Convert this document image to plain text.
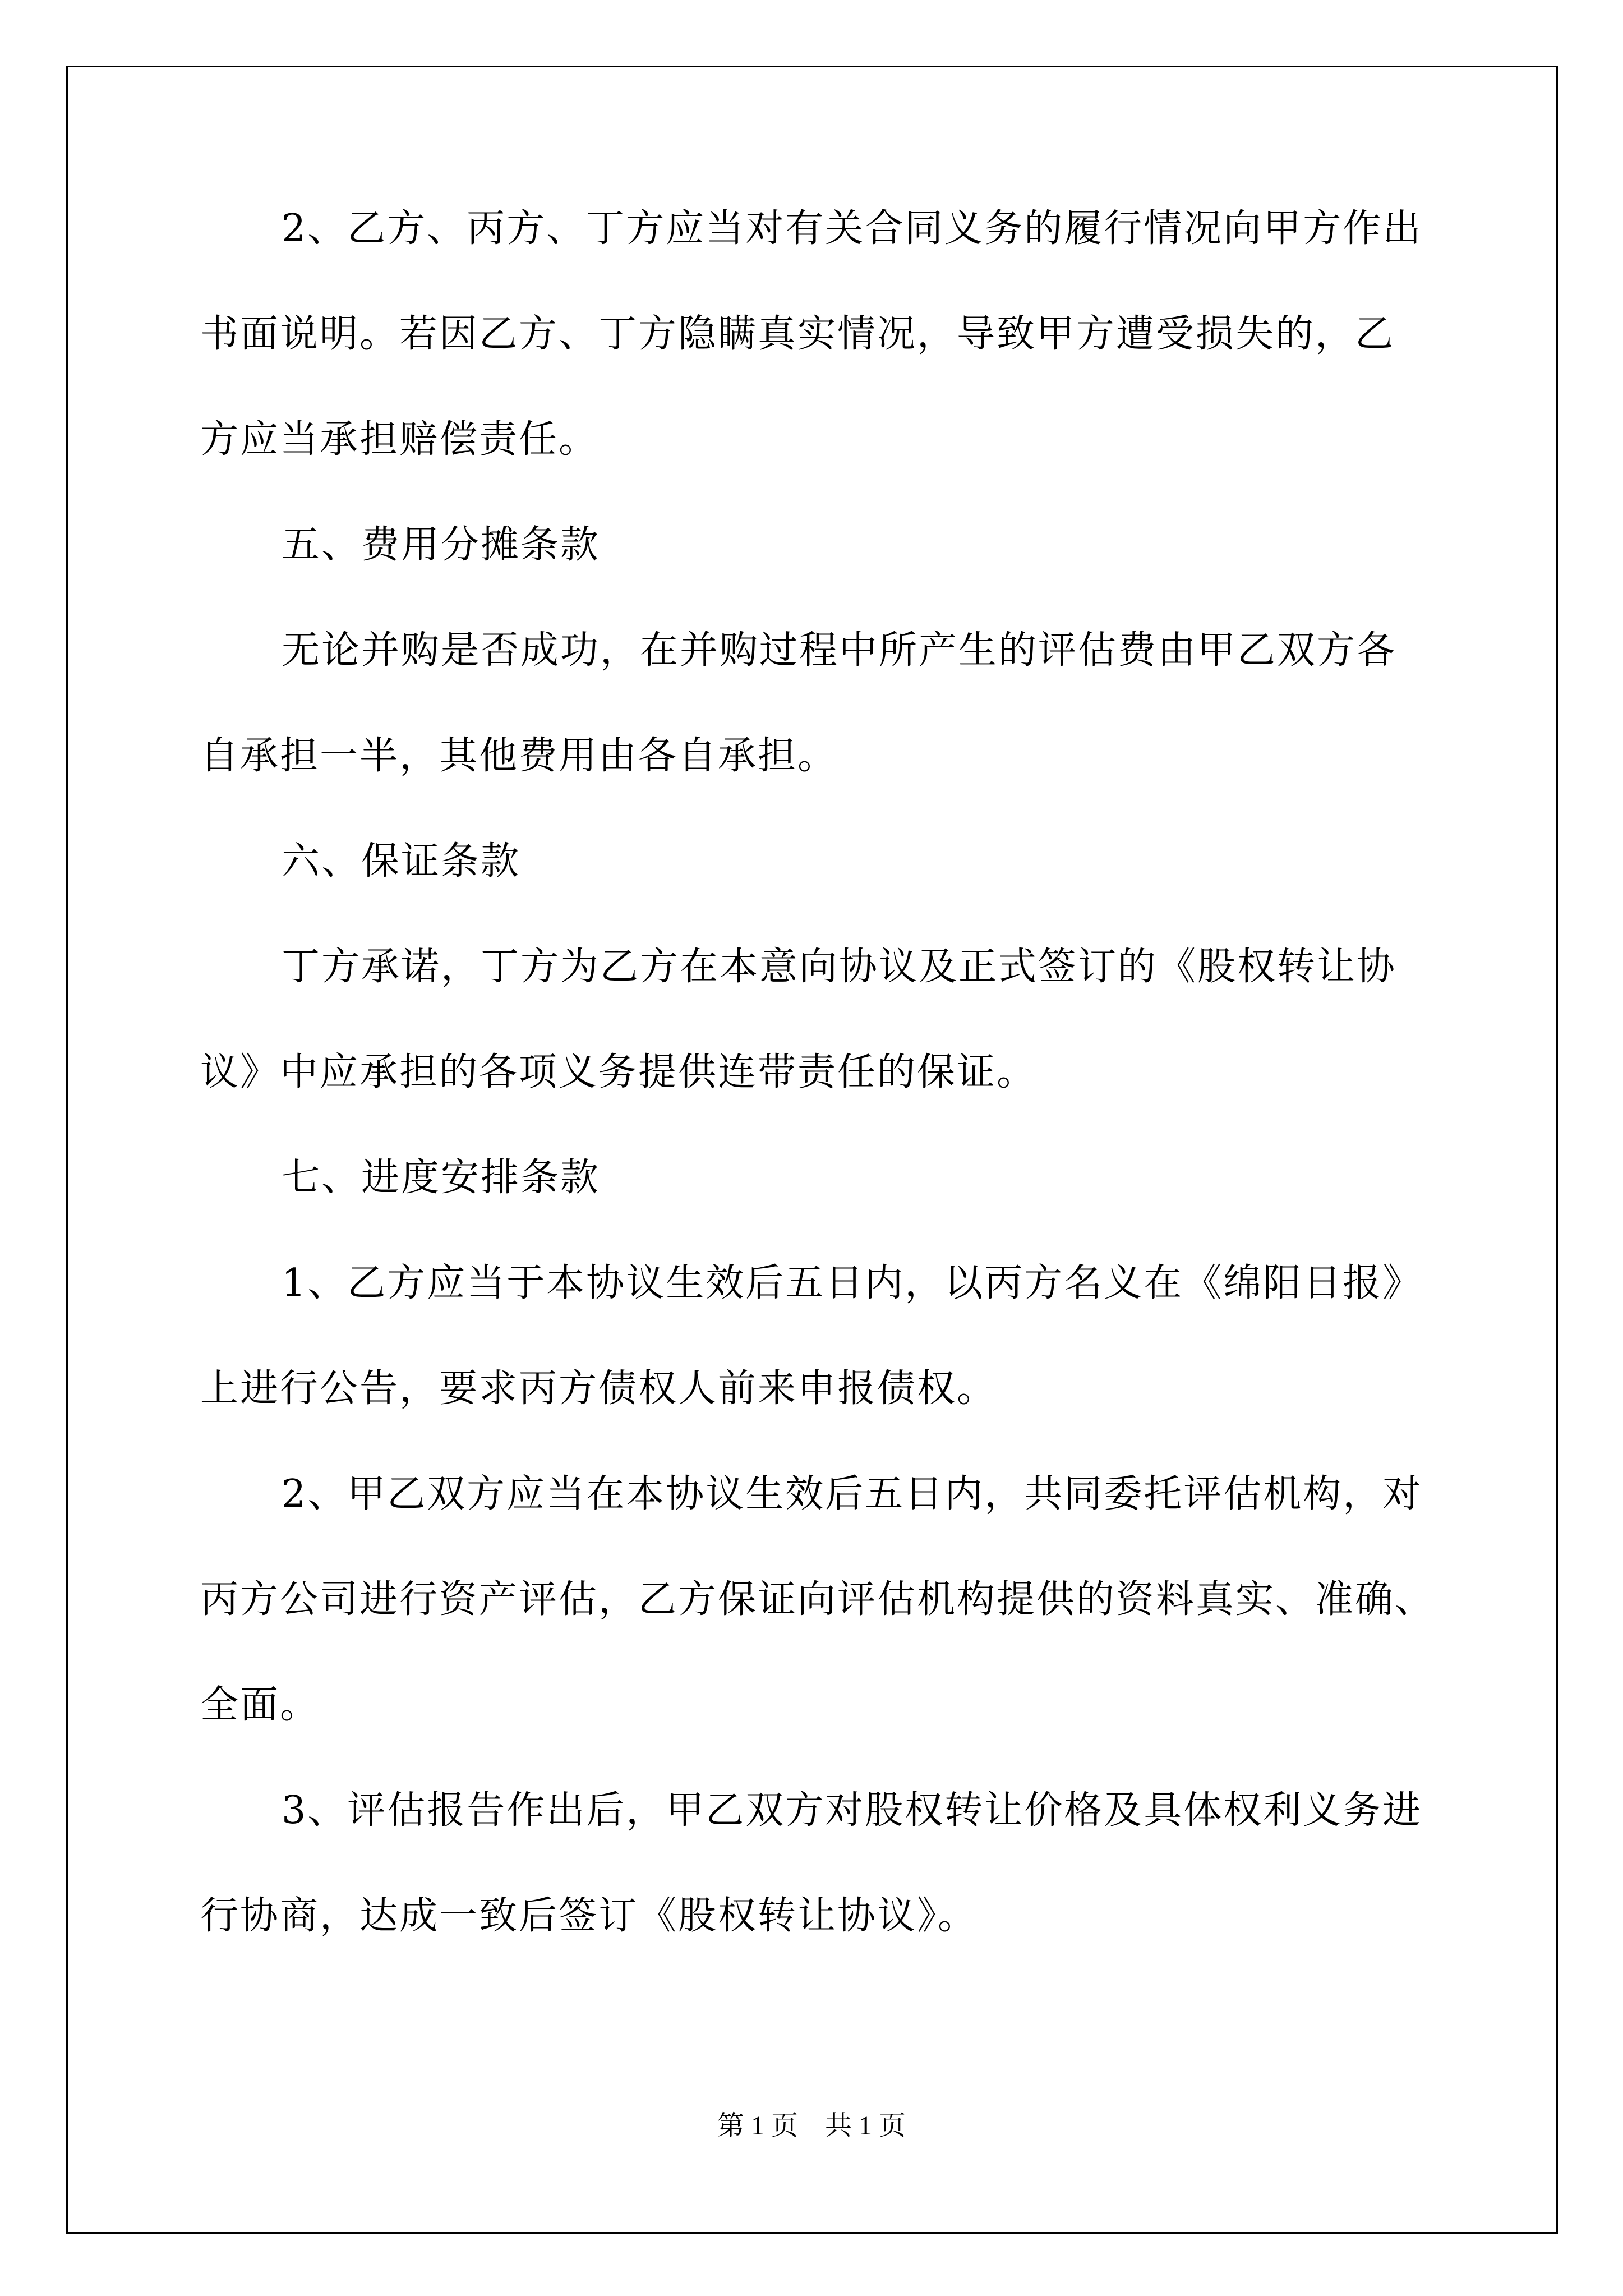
2、乙方、丙方、丁方应当对有关合同义务的履行情况向甲方作出
书面说明。若因乙方、丁方隐瞒真实情况，导致甲方遭受损失的，乙
方应当承担赔偿责任。
五、费用分摊条款
无论并购是否成功，在并购过程中所产生的评估费由甲乙双方各
自承担一半，其他费用由各自承担。
六、保证条款
丁方承诺，丁方为乙方在本意向协议及正式签订的《股权转让协
议》中应承担的各项义务提供连带责任的保证。
七、进度安排条款
1、乙方应当于本协议生效后五日内，以丙方名义在《绵阳日报》
上进行公告，要求丙方债权人前来申报债权。
2、甲乙双方应当在本协议生效后五日内，共同委托评估机构，对
丙方公司进行资产评估，乙方保证向评估机构提供的资料真实、准确、
全面。
3、评估报告作出后，甲乙双方对股权转让价格及具体权利义务进
行协商，达成一致后签订《股权转让协议》。
第 1 页    共 1 页
